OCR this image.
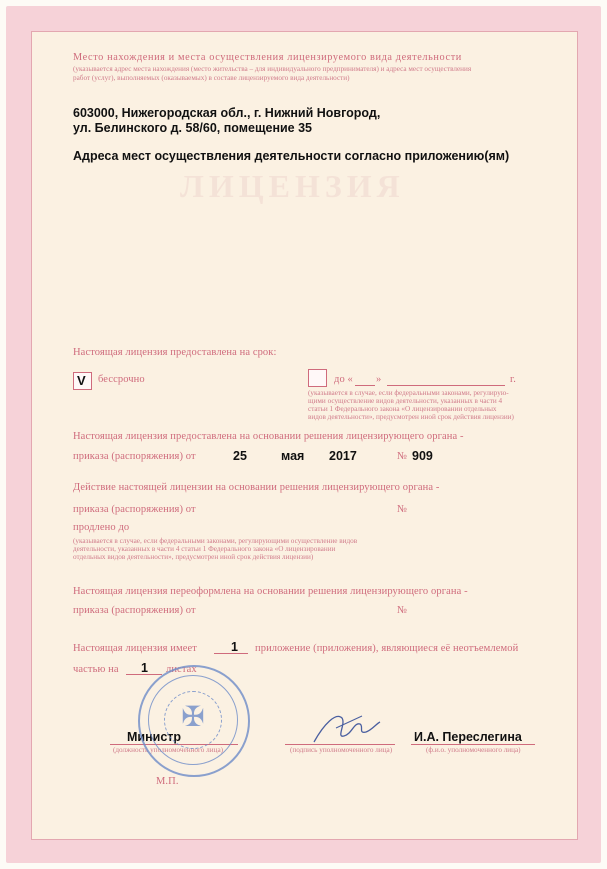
ЛИЦЕНЗИЯ
Место нахождения и места осуществления лицензируемого вида деятельности
(указывается адрес места нахождения (место жительства – для индивидуального предпринимателя) и адреса мест осуществления
работ (услуг), выполняемых (оказываемых) в составе лицензируемого вида деятельности)
603000, Нижегородская обл., г. Нижний Новгород,
ул. Белинского д. 58/60, помещение 35
Адреса мест осуществления деятельности согласно приложению(ям)
Настоящая лицензия предоставлена на срок:
V бессрочно	до « »	г.
(указывается в случае, если федеральными законами, регулирую-
щими осуществление видов деятельности, указанных в части 4
статьи 1 Федерального закона «О лицензировании отдельных
видов деятельности», предусмотрен иной срок действия лицензии)
Настоящая лицензия предоставлена на основании решения лицензирующего органа -
приказа (распоряжения) от	25	мая 2017	№ 909
Действие настоящей лицензии на основании решения лицензирующего органа -
приказа (распоряжения) от	№
продлено до
(указывается в случае, если федеральными законами, регулирующими осуществление видов
деятельности, указанных в части 4 статьи 1 Федерального закона «О лицензировании
отдельных видов деятельности», предусмотрен иной срок действия лицензии)
Настоящая лицензия переоформлена на основании решения лицензирующего органа -
приказа (распоряжения) от	№
Настоящая лицензия имеет	1 приложение (приложения), являющиеся её неотъемлемой
частью на 1 листах
Министр
(должность уполномоченного лица)	(подпись уполномоченного лица)
И.А. Переслегина
(ф.и.о. уполномоченного лица)
М.П.
✠
